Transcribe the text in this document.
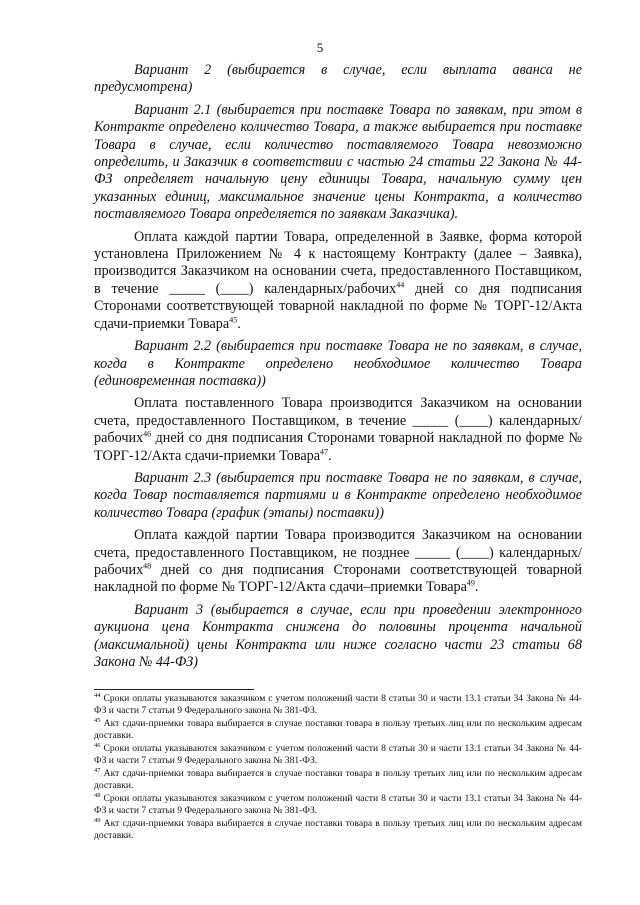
5

Вариант 2 (выбирается в случае, если выплата аванса не предусмотрена)

Вариант 2.1 (выбирается при поставке Товара по заявкам, при этом в Контракте определено количество Товара, а также выбирается при поставке Товара в случае, если количество поставляемого Товара невозможно определить, и Заказчик в соответствии с частью 24 статьи 22 Закона № 44-ФЗ определяет начальную цену единицы Товара, начальную сумму цен указанных единиц, максимальное значение цены Контракта, а количество поставляемого Товара определяется по заявкам Заказчика).

Оплата каждой партии Товара, определенной в Заявке, форма которой установлена Приложением № 4 к настоящему Контракту (далее – Заявка), производится Заказчиком на основании счета, предоставленного Поставщиком, в течение _____ (____) календарных/рабочих$^{44}$ дней со дня подписания Сторонами соответствующей товарной накладной по форме № ТОРГ-12/Акта сдачи-приемки Товара$^{45}$.

Вариант 2.2 (выбирается при поставке Товара не по заявкам, в случае, когда в Контракте определено необходимое количество Товара (единовременная поставка))

Оплата поставленного Товара производится Заказчиком на основании счета, предоставленного Поставщиком, в течение _____ (____) календарных/рабочих$^{46}$ дней со дня подписания Сторонами товарной накладной по форме № ТОРГ-12/Акта сдачи-приемки Товара$^{47}$.

Вариант 2.3 (выбирается при поставке Товара не по заявкам, в случае, когда Товар поставляется партиями и в Контракте определено необходимое количество Товара (график (этапы) поставки))

Оплата каждой партии Товара производится Заказчиком на основании счета, предоставленного Поставщиком, не позднее _____ (____) календарных/рабочих$^{48}$ дней со дня подписания Сторонами соответствующей товарной накладной по форме № ТОРГ-12/Акта сдачи–приемки Товара$^{49}$.

Вариант 3 (выбирается в случае, если при проведении электронного аукциона цена Контракта снижена до половины процента начальной (максимальной) цены Контракта или ниже согласно части 23 статьи 68 Закона № 44-ФЗ)

$^{44}$ Сроки оплаты указываются заказчиком с учетом положений части 8 статьи 30 и части 13.1 статьи 34 Закона № 44-ФЗ и части 7 статьи 9 Федерального закона № 381-ФЗ.

$^{45}$ Акт сдачи-приемки товара выбирается в случае поставки товара в пользу третьих лиц или по нескольким адресам доставки.

$^{46}$ Сроки оплаты указываются заказчиком с учетом положений части 8 статьи 30 и части 13.1 статьи 34 Закона № 44-ФЗ и части 7 статьи 9 Федерального закона № 381-ФЗ.

$^{47}$ Акт сдачи-приемки товара выбирается в случае поставки товара в пользу третьих лиц или по нескольким адресам доставки.

$^{48}$ Сроки оплаты указываются заказчиком с учетом положений части 8 статьи 30 и части 13.1 статьи 34 Закона № 44-ФЗ и части 7 статьи 9 Федерального закона № 381-ФЗ.

$^{49}$ Акт сдачи-приемки товара выбирается в случае поставки товара в пользу третьих лиц или по нескольким адресам доставки.
